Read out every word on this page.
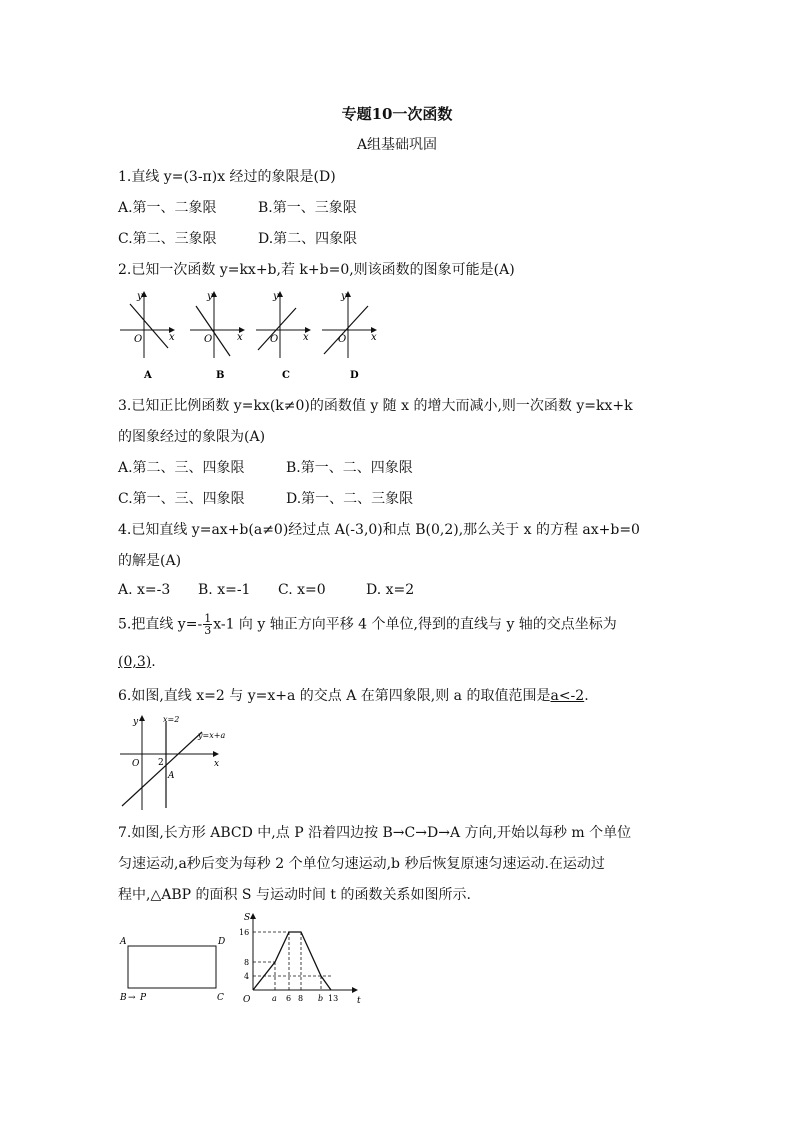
专题10一次函数
A组基础巩固
1.直线 y=(3-π)x 经过的象限是(D)
A.第一、二象限	B.第一、三象限
C.第二、三象限	D.第二、四象限
2.已知一次函数 y=kx+b,若 k+b=0,则该函数的图象可能是(A)
y
O	x
A
y
O x
B
y
O x
C
y
O x
D
3.已知正比例函数 y=kx(k≠0)的函数值 y 随 x 的增大而减小,则一次函数 y=kx+k
的图象经过的象限为(A)
A.第二、三、四象限	B.第一、二、四象限
C.第一、三、四象限	D.第一、二、三象限
4.已知直线 y=ax+b(a≠0)经过点 A(-3,0)和点 B(0,2),那么关于 x 的方程 ax+b=0
的解是(A)
A. x=-3 B. x=-1 C. x=0	D. x=2
5.把直线 $y=- \frac{1}{3} x-1$ 向 y 轴正方向平移 4 个单位,得到的直线与 y 轴的交点坐标为
(0,3).
6.如图,直线 x=2 与 y=x+a 的交点 A 在第四象限,则 a 的取值范围是a<-2.
y
x
O
x=2
y=x+a
2
A
7.如图,长方形 ABCD 中,点 P 沿着四边按 B→C→D→A 方向,开始以每秒 m 个单位
匀速运动,a秒后变为每秒 2 个单位匀速运动,b 秒后恢复原速匀速运动.在运动过
程中,△ABP 的面积 S 与运动时间 t 的函数关系如图所示.
A	D
B → P	C
S
t
O
16
8
4
a 6 8 b 13
